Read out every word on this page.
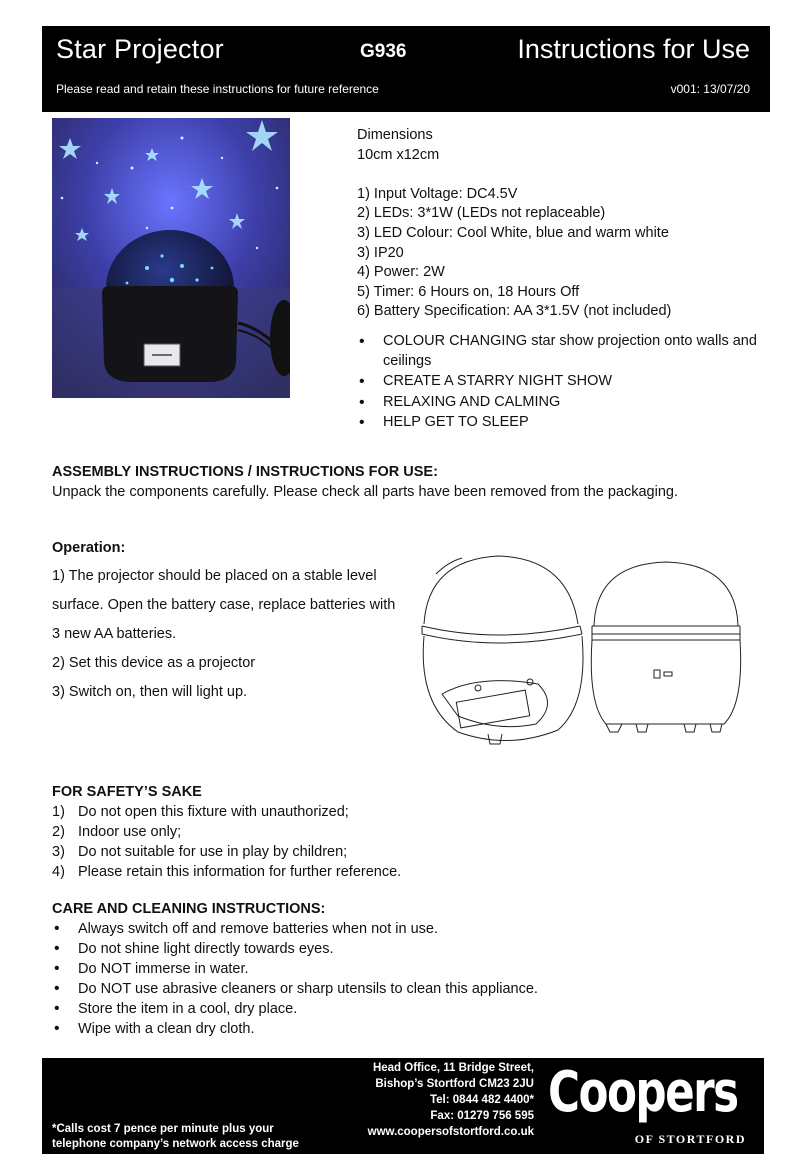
Star Projector	G936	Instructions for Use
Please read and retain these instructions for future reference	v001: 13/07/20
Dimensions
10cm x12cm
1) Input Voltage: DC4.5V
2) LEDs: 3*1W (LEDs not replaceable)
3) LED Colour: Cool White, blue and warm white
3) IP20
4) Power: 2W
5) Timer: 6 Hours on, 18 Hours Off
6) Battery Specification: AA 3*1.5V (not included)
• COLOUR CHANGING star show projection onto walls and ceilings
• CREATE A STARRY NIGHT SHOW
• RELAXING AND CALMING
• HELP GET TO SLEEP
ASSEMBLY INSTRUCTIONS / INSTRUCTIONS FOR USE:
Unpack the components carefully. Please check all parts have been removed from the packaging.
Operation:
1) The projector should be placed on a stable level
surface. Open the battery case, replace batteries with
3 new AA batteries.
2) Set this device as a projector
3) Switch on, then will light up.
FOR SAFETY’S SAKE
1) Do not open this fixture with unauthorized;
2) Indoor use only;
3) Do not suitable for use in play by children;
4) Please retain this information for further reference.
CARE AND CLEANING INSTRUCTIONS:
• Always switch off and remove batteries when not in use.
• Do not shine light directly towards eyes.
• Do NOT immerse in water.
• Do NOT use abrasive cleaners or sharp utensils to clean this appliance.
• Store the item in a cool, dry place.
• Wipe with a clean dry cloth.
Head Office, 11 Bridge Street,
Bishop’s Stortford CM23 2JU
Tel: 0844 482 4400*
Fax: 01279 756 595
www.coopersofstortford.co.uk
*Calls cost 7 pence per minute plus your
telephone company’s network access charge
Coopers
OF STORTFORD
